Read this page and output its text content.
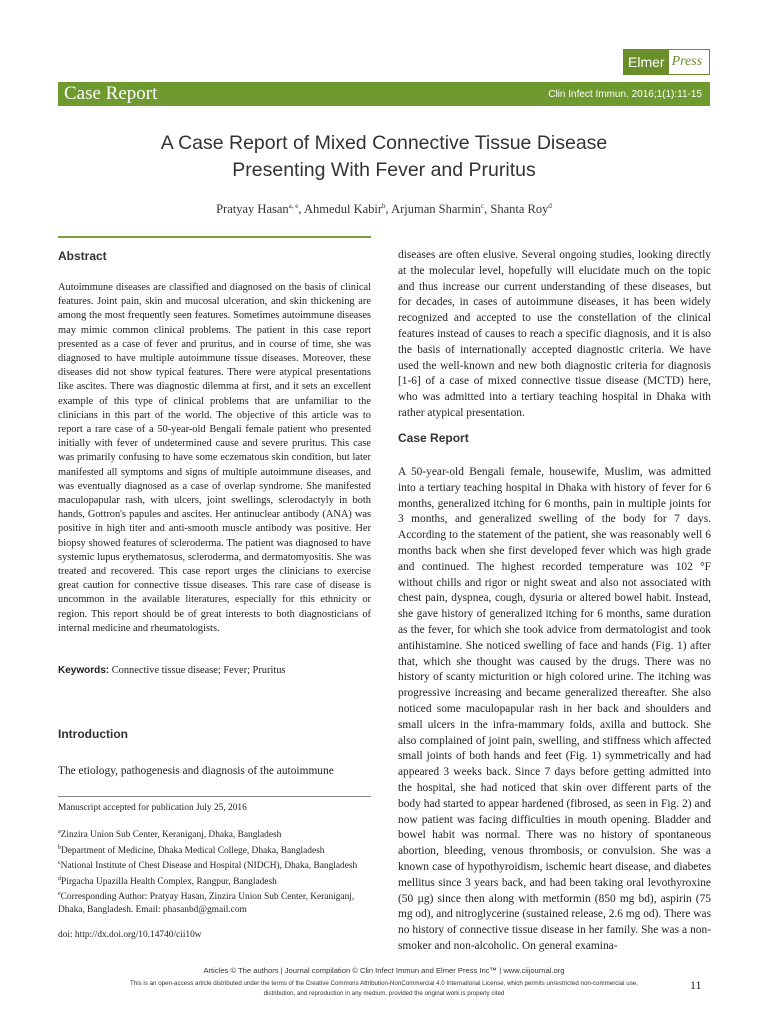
Elmer Press
Case Report	Clin Infect Immun. 2016;1(1):11-15
A Case Report of Mixed Connective Tissue Disease
Presenting With Fever and Pruritus
Pratyay Hasan$^{a, e}$, Ahmedul Kabir$^b$, Arjuman Sharmin$^c$, Shanta Roy$^d$
Abstract
Autoimmune diseases are classified and diagnosed on the basis of clinical features. Joint pain, skin and mucosal ulceration, and skin thickening are among the most frequently seen features. Sometimes autoimmune diseases may mimic common clinical problems. The patient in this case report presented as a case of fever and pruritus, and in course of time, she was diagnosed to have multiple autoimmune tissue diseases. Moreover, these diseases did not show typical features. There were atypical presentations like ascites. There was diagnostic dilemma at first, and it sets an excellent example of this type of clinical problems that are unfamiliar to the clinicians in this part of the world. The objective of this article was to report a rare case of a 50-year-old Bengali female patient who presented initially with fever of undetermined cause and severe pruritus. This case was primarily confusing to have some eczematous skin condition, but later manifested all symptoms and signs of multiple autoimmune diseases, and was eventually diagnosed as a case of overlap syndrome. She manifested maculopapular rash, with ulcers, joint swellings, sclerodactyly in both hands, Gottron's papules and ascites. Her antinuclear antibody (ANA) was positive in high titer and anti-smooth muscle antibody was positive. Her biopsy showed features of scleroderma. The patient was diagnosed to have systemic lupus erythematosus, scleroderma, and dermatomyositis. She was treated and recovered. This case report urges the clinicians to exercise great caution for connective tissue diseases. This rare case of disease is uncommon in the available literatures, especially for this ethnicity or region. This report should be of great interests to both diagnosticians of internal medicine and rheumatologists.
Keywords: Connective tissue disease; Fever; Pruritus
Introduction
The etiology, pathogenesis and diagnosis of the autoimmune
Manuscript accepted for publication July 25, 2016
$^a$Zinzira Union Sub Center, Keraniganj, Dhaka, Bangladesh
$^b$Department of Medicine, Dhaka Medical College, Dhaka, Bangladesh
$^c$National Institute of Chest Disease and Hospital (NIDCH), Dhaka, Bangladesh
$^d$Pirgacha Upazilla Health Complex, Rangpur, Bangladesh
$^e$Corresponding Author: Pratyay Hasan, Zinzira Union Sub Center, Keraniganj, Dhaka, Bangladesh. Email: phasanbd@gmail.com
doi: http://dx.doi.org/10.14740/cii10w
diseases are often elusive. Several ongoing studies, looking directly at the molecular level, hopefully will elucidate much on the topic and thus increase our current understanding of these diseases, but for decades, in cases of autoimmune diseases, it has been widely recognized and accepted to use the constellation of the clinical features instead of causes to reach a specific diagnosis, and it is also the basis of internationally accepted diagnostic criteria. We have used the well-known and new both diagnostic criteria for diagnosis [1-6] of a case of mixed connective tissue disease (MCTD) here, who was admitted into a tertiary teaching hospital in Dhaka with rather atypical presentation.
Case Report
A 50-year-old Bengali female, housewife, Muslim, was admitted into a tertiary teaching hospital in Dhaka with history of fever for 6 months, generalized itching for 6 months, pain in multiple joints for 3 months, and generalized swelling of the body for 7 days. According to the statement of the patient, she was reasonably well 6 months back when she first developed fever which was high grade and continued. The highest recorded temperature was 102 °F without chills and rigor or night sweat and also not associated with chest pain, dyspnea, cough, dysuria or altered bowel habit. Instead, she gave history of generalized itching for 6 months, same duration as the fever, for which she took advice from dermatologist and took antihistamine. She noticed swelling of face and hands (Fig. 1) after that, which she thought was caused by the drugs. There was no history of scanty micturition or high colored urine. The itching was progressive increasing and became generalized thereafter. She also noticed some maculopapular rash in her back and shoulders and small ulcers in the infra-mammary folds, axilla and buttock. She also complained of joint pain, swelling, and stiffness which affected small joints of both hands and feet (Fig. 1) symmetrically and had appeared 3 weeks back. Since 7 days before getting admitted into the hospital, she had noticed that skin over different parts of the body had started to appear hardened (fibrosed, as seen in Fig. 2) and now patient was facing difficulties in mouth opening. Bladder and bowel habit was normal. There was no history of spontaneous abortion, bleeding, venous thrombosis, or convulsion. She was a known case of hypothyroidism, ischemic heart disease, and diabetes mellitus since 3 years back, and had been taking oral levothyroxine (50 µg) since then along with metformin (850 mg bd), aspirin (75 mg od), and nitroglycerine (sustained release, 2.6 mg od). There was no history of connective tissue disease in her family. She was a non-smoker and non-alcoholic. On general examina-
Articles © The authors | Journal compilation © Clin Infect Immun and Elmer Press Inc™ | www.ciijournal.org
This is an open-access article distributed under the terms of the Creative Commons Attribution-NonCommercial 4.0 International License, which permits unrestricted non-commercial use, distribution, and reproduction in any medium, provided the original work is properly cited
11
